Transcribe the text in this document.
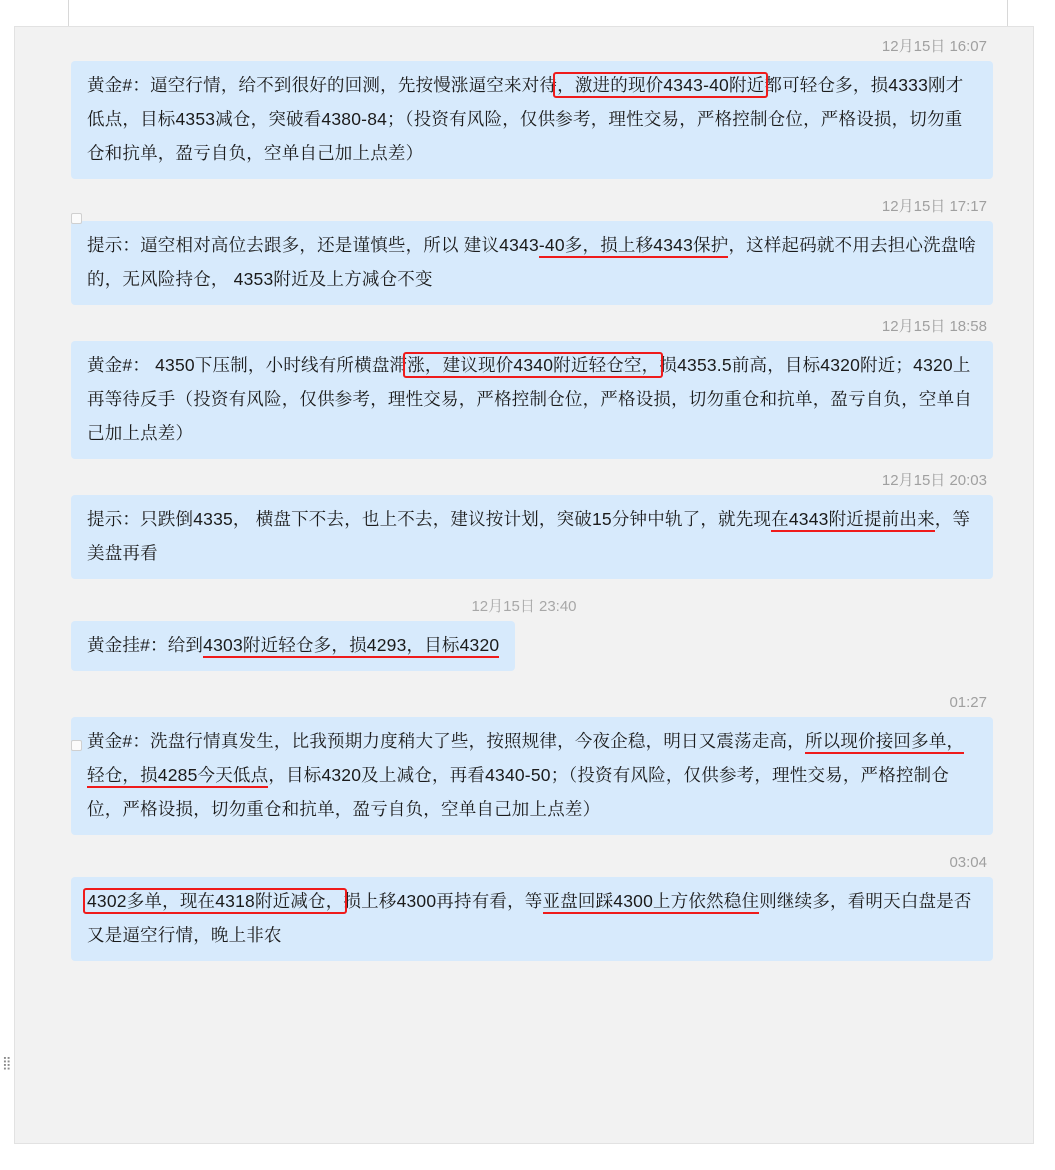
12月15日 16:07
黄金#：逼空行情，给不到很好的回测，先按慢涨逼空来对待，激进的现价4343-40附近都可轻仓多，损4333刚才低点，目标4353减仓，突破看4380-84；（投资有风险，仅供参考，理性交易，严格控制仓位，严格设损，切勿重仓和抗单，盈亏自负，空单自己加上点差）
12月15日 17:17
提示：逼空相对高位去跟多，还是谨慎些，所以 建议4343-40多，损上移4343保护，这样起码就不用去担心洗盘啥的，无风险持仓， 4353附近及上方减仓不变
12月15日 18:58
黄金#： 4350下压制，小时线有所横盘滞涨，建议现价4340附近轻仓空，损4353.5前高，目标4320附近；4320上再等待反手（投资有风险，仅供参考，理性交易，严格控制仓位，严格设损，切勿重仓和抗单，盈亏自负，空单自己加上点差）
12月15日 20:03
提示：只跌倒4335， 横盘下不去，也上不去，建议按计划，突破15分钟中轨了，就先现在4343附近提前出来，等美盘再看
12月15日 23:40
黄金挂#：给到4303附近轻仓多，损4293，目标4320
01:27
黄金#：洗盘行情真发生，比我预期力度稍大了些，按照规律，今夜企稳，明日又震荡走高，所以现价接回多单，轻仓，损4285今天低点，目标4320及上减仓，再看4340-50；（投资有风险，仅供参考，理性交易，严格控制仓位，严格设损，切勿重仓和抗单，盈亏自负，空单自己加上点差）
03:04
4302多单，现在4318附近减仓，损上移4300再持有看，等亚盘回踩4300上方依然稳住则继续多，看明天白盘是否又是逼空行情，晚上非农
⣿
